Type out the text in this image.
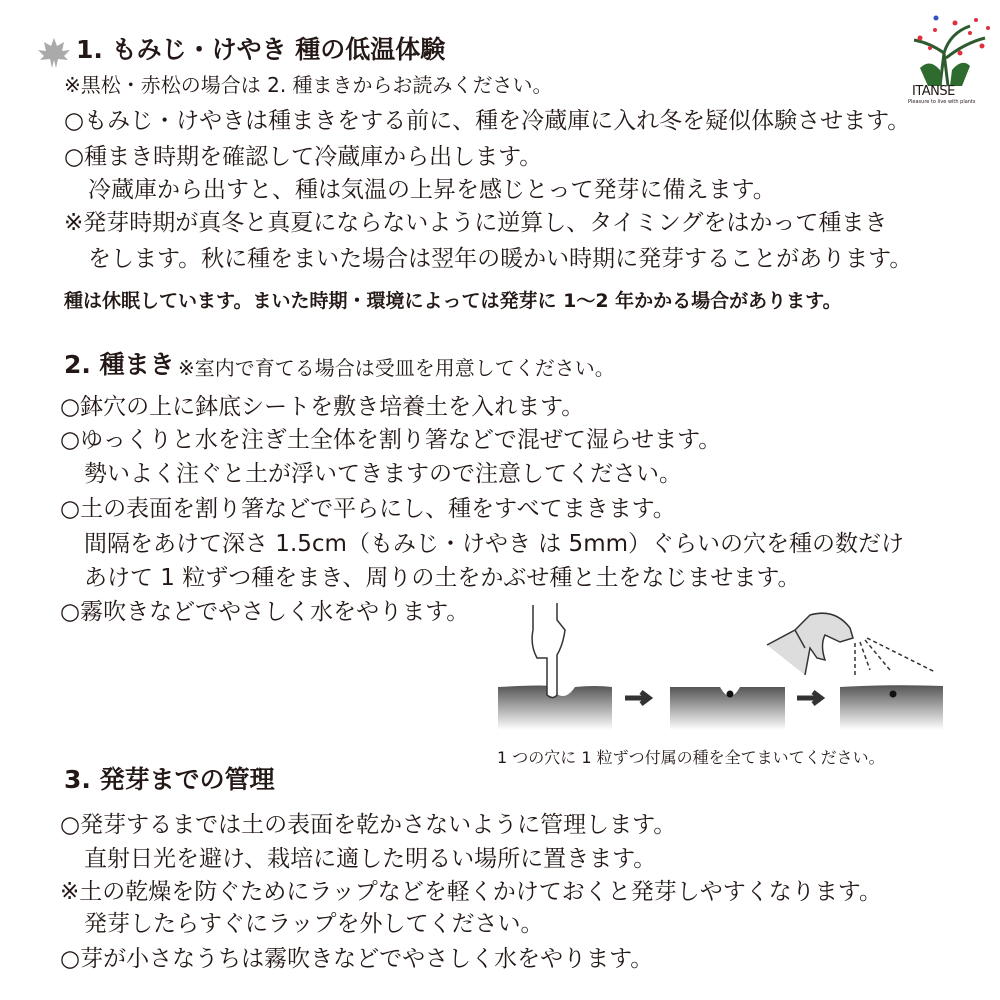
1. もみじ・けやき 種の低温体験
※黒松・赤松の場合は 2. 種まきからお読みください。
○もみじ・けやきは種まきをする前に、種を冷蔵庫に入れ冬を疑似体験させます。
○種まき時期を確認して冷蔵庫から出します。
冷蔵庫から出すと、種は気温の上昇を感じとって発芽に備えます。
※発芽時期が真冬と真夏にならないように逆算し、タイミングをはかって種まき
をします。秋に種をまいた場合は翌年の暖かい時期に発芽することがあります。
種は休眠しています。まいた時期・環境によっては発芽に 1〜2 年かかる場合があります。
ITANSE
Pleasure to live with plants
2. 種まき ※室内で育てる場合は受皿を用意してください。
○鉢穴の上に鉢底シートを敷き培養土を入れます。
○ゆっくりと水を注ぎ土全体を割り箸などで混ぜて湿らせます。
勢いよく注ぐと土が浮いてきますので注意してください。
○土の表面を割り箸などで平らにし、種をすべてまきます。
間隔をあけて深さ 1.5cm（もみじ・けやき は 5mm）ぐらいの穴を種の数だけ
あけて 1 粒ずつ種をまき、周りの土をかぶせ種と土をなじませます。
○霧吹きなどでやさしく水をやります。
1 つの穴に 1 粒ずつ付属の種を全てまいてください。
3. 発芽までの管理
○発芽するまでは土の表面を乾かさないように管理します。
直射日光を避け、栽培に適した明るい場所に置きます。
※土の乾燥を防ぐためにラップなどを軽くかけておくと発芽しやすくなります。
発芽したらすぐにラップを外してください。
○芽が小さなうちは霧吹きなどでやさしく水をやります。
